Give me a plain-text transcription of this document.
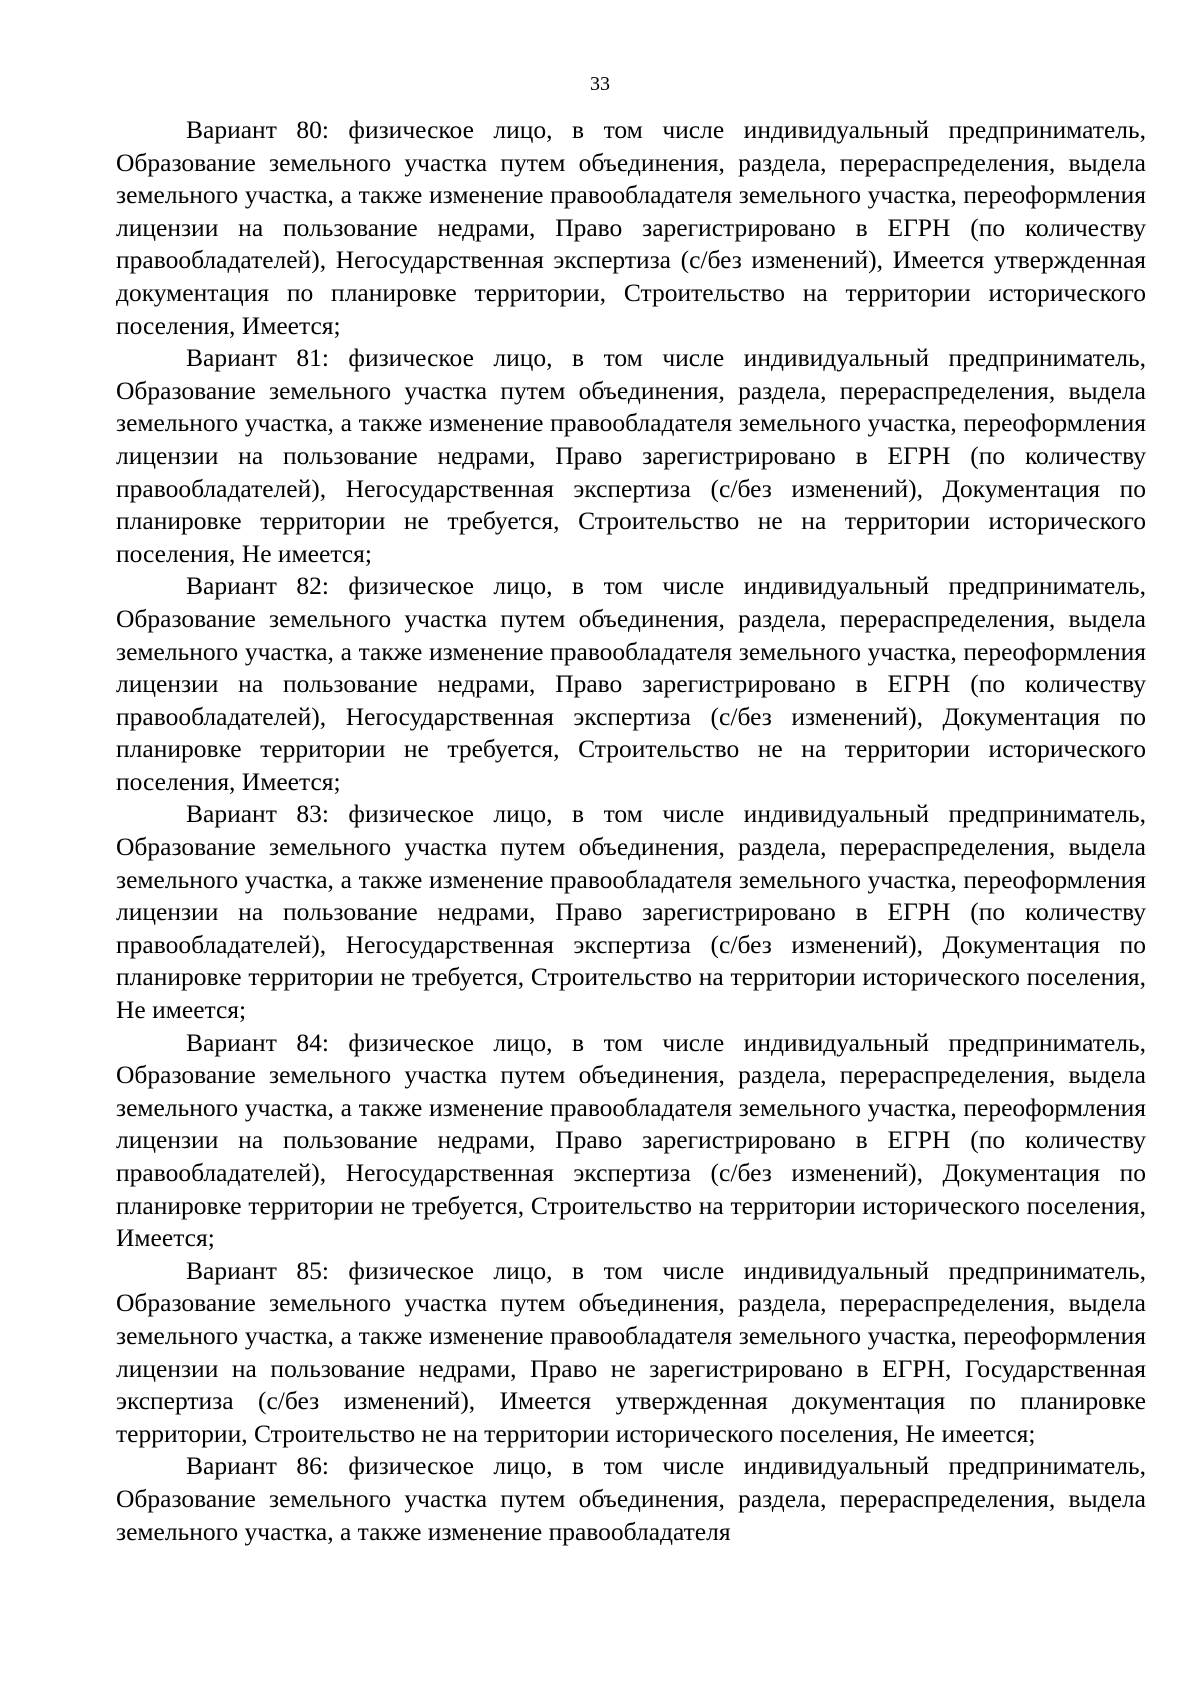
33

Вариант 80: физическое лицо, в том числе индивидуальный предприниматель, Образование земельного участка путем объединения, раздела, перераспределения, выдела земельного участка, а также изменение правообладателя земельного участка, переоформления лицензии на пользование недрами, Право зарегистрировано в ЕГРН (по количеству правообладателей), Негосударственная экспертиза (с/без изменений), Имеется утвержденная документация по планировке территории, Строительство на территории исторического поселения, Имеется;

Вариант 81: физическое лицо, в том числе индивидуальный предприниматель, Образование земельного участка путем объединения, раздела, перераспределения, выдела земельного участка, а также изменение правообладателя земельного участка, переоформления лицензии на пользование недрами, Право зарегистрировано в ЕГРН (по количеству правообладателей), Негосударственная экспертиза (с/без изменений), Документация по планировке территории не требуется, Строительство не на территории исторического поселения, Не имеется;

Вариант 82: физическое лицо, в том числе индивидуальный предприниматель, Образование земельного участка путем объединения, раздела, перераспределения, выдела земельного участка, а также изменение правообладателя земельного участка, переоформления лицензии на пользование недрами, Право зарегистрировано в ЕГРН (по количеству правообладателей), Негосударственная экспертиза (с/без изменений), Документация по планировке территории не требуется, Строительство не на территории исторического поселения, Имеется;

Вариант 83: физическое лицо, в том числе индивидуальный предприниматель, Образование земельного участка путем объединения, раздела, перераспределения, выдела земельного участка, а также изменение правообладателя земельного участка, переоформления лицензии на пользование недрами, Право зарегистрировано в ЕГРН (по количеству правообладателей), Негосударственная экспертиза (с/без изменений), Документация по планировке территории не требуется, Строительство на территории исторического поселения, Не имеется;

Вариант 84: физическое лицо, в том числе индивидуальный предприниматель, Образование земельного участка путем объединения, раздела, перераспределения, выдела земельного участка, а также изменение правообладателя земельного участка, переоформления лицензии на пользование недрами, Право зарегистрировано в ЕГРН (по количеству правообладателей), Негосударственная экспертиза (с/без изменений), Документация по планировке территории не требуется, Строительство на территории исторического поселения, Имеется;

Вариант 85: физическое лицо, в том числе индивидуальный предприниматель, Образование земельного участка путем объединения, раздела, перераспределения, выдела земельного участка, а также изменение правообладателя земельного участка, переоформления лицензии на пользование недрами, Право не зарегистрировано в ЕГРН, Государственная экспертиза (с/без изменений), Имеется утвержденная документация по планировке территории, Строительство не на территории исторического поселения, Не имеется;

Вариант 86: физическое лицо, в том числе индивидуальный предприниматель, Образование земельного участка путем объединения, раздела, перераспределения, выдела земельного участка, а также изменение правообладателя
